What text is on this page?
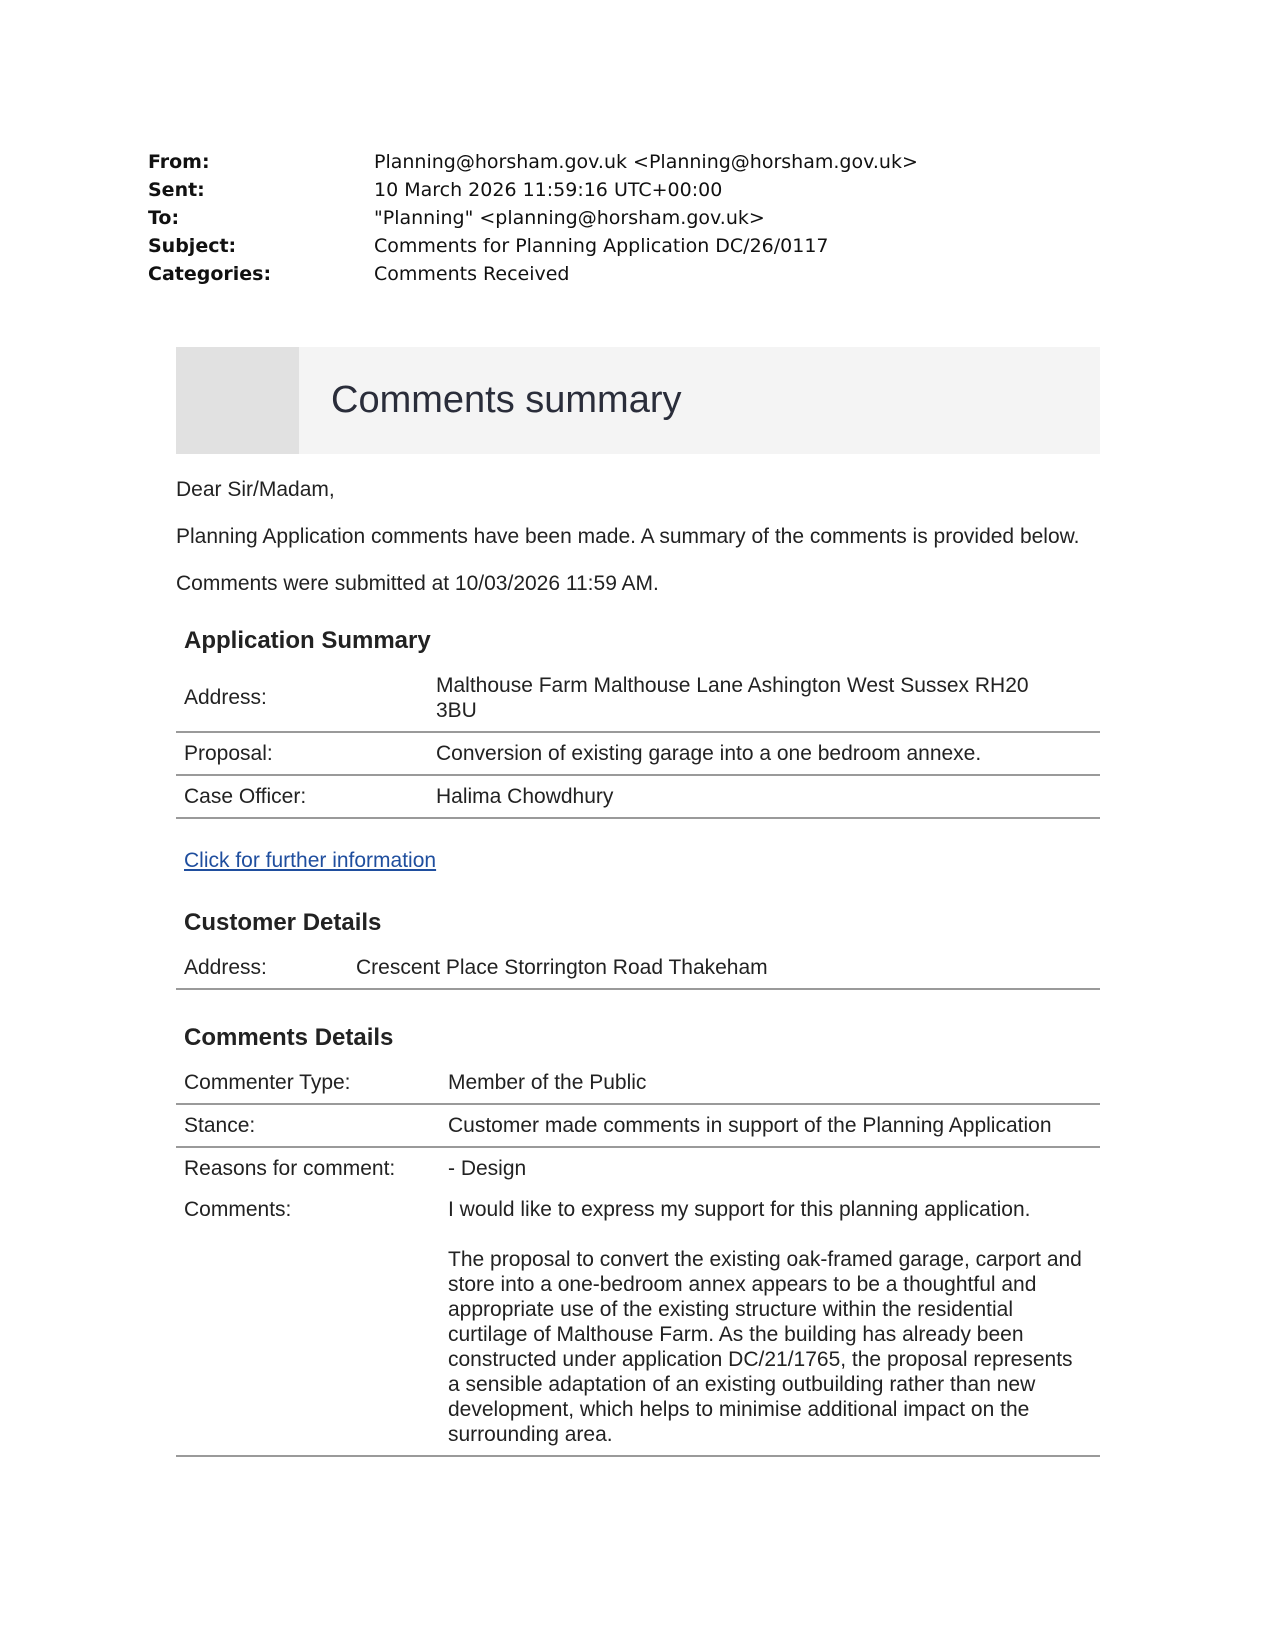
From:	Planning@horsham.gov.uk <Planning@horsham.gov.uk>
Sent:	10 March 2026 11:59:16 UTC+00:00
To:	"Planning" <planning@horsham.gov.uk>
Subject:	Comments for Planning Application DC/26/0117
Categories:	Comments Received
Comments summary

Dear Sir/Madam,

Planning Application comments have been made. A summary of the comments is provided below.

Comments were submitted at 10/03/2026 11:59 AM.

Application Summary
Address:	Malthouse Farm Malthouse Lane Ashington West Sussex RH20 3BU
Proposal:	Conversion of existing garage into a one bedroom annexe.
Case Officer:	Halima Chowdhury
Click for further information
Customer Details
Address:	Crescent Place Storrington Road Thakeham
Comments Details
Commenter Type:	Member of the Public
Stance:	Customer made comments in support of the Planning Application
Reasons for comment:	- Design
Comments:	I would like to express my support for this planning application.

The proposal to convert the existing oak-framed garage, carport and store into a one-bedroom annex appears to be a thoughtful and appropriate use of the existing structure within the residential curtilage of Malthouse Farm. As the building has already been constructed under application DC/21/1765, the proposal represents a sensible adaptation of an existing outbuilding rather than new development, which helps to minimise additional impact on the surrounding area.
